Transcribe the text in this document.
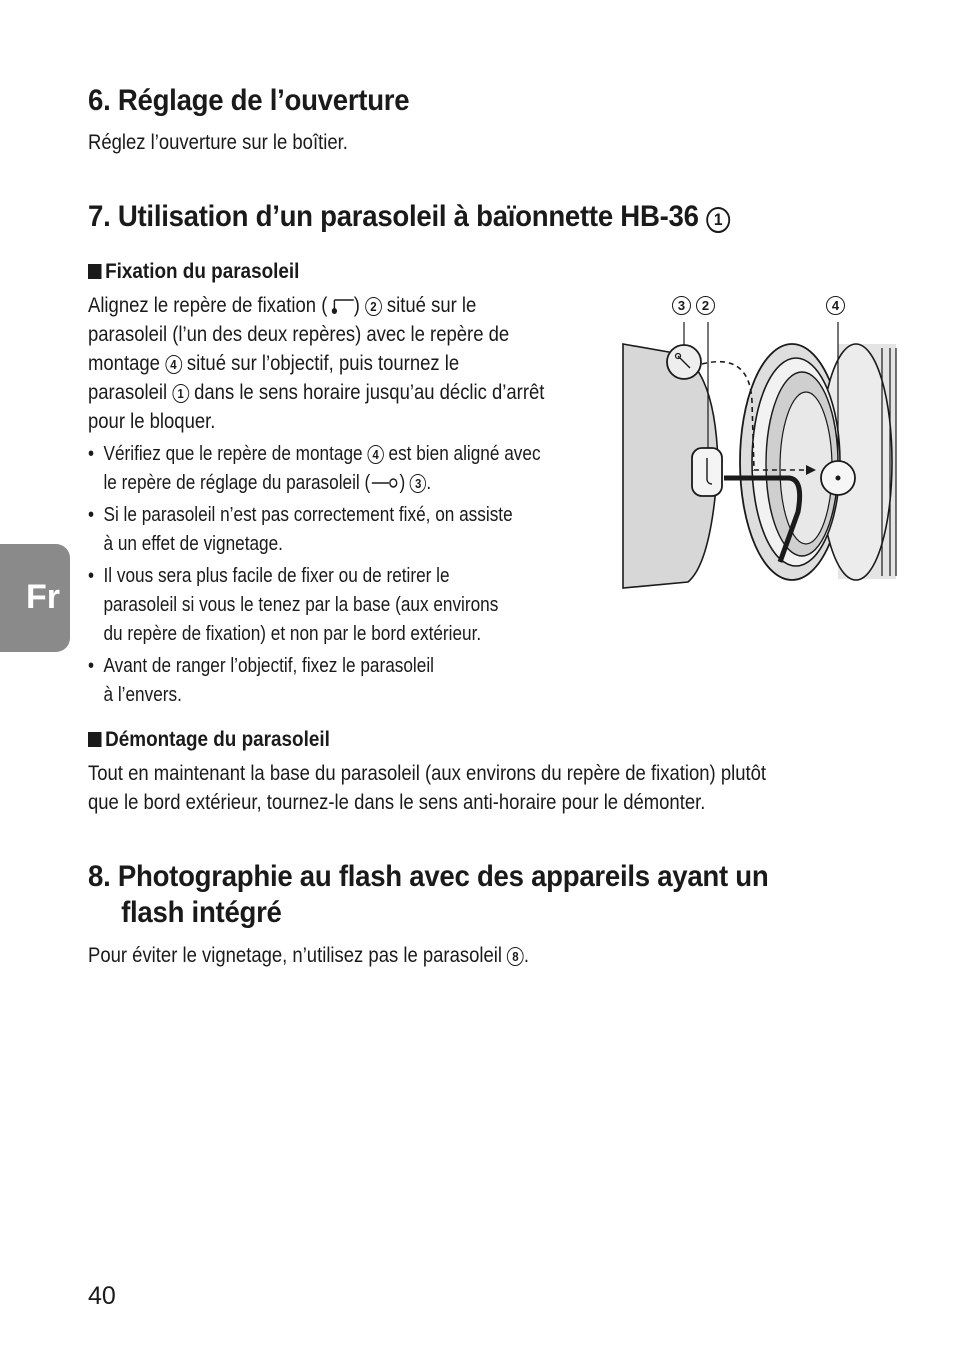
6. Réglage de l’ouverture
Réglez l’ouverture sur le boîtier.
7. Utilisation d’un parasoleil à baïonnette HB-36 1
Fixation du parasoleil
Alignez le repère de fixation ( ) 2 situé sur le
parasoleil (l’un des deux repères) avec le repère de
montage 4 situé sur l’objectif, puis tournez le
parasoleil 1 dans le sens horaire jusqu’au déclic d’arrêt
pour le bloquer.
• Vérifiez que le repère de montage 4 est bien aligné avec
le repère de réglage du parasoleil ( ) 3 .
• Si le parasoleil n’est pas correctement fixé, on assiste
à un effet de vignetage.
• Il vous sera plus facile de fixer ou de retirer le
parasoleil si vous le tenez par la base (aux environs
du repère de fixation) et non par le bord extérieur.
• Avant de ranger l’objectif, fixez le parasoleil
à l’envers.
3	2	4
Démontage du parasoleil
Tout en maintenant la base du parasoleil (aux environs du repère de fixation) plutôt
que le bord extérieur, tournez-le dans le sens anti-horaire pour le démonter.
8. Photographie au flash avec des appareils ayant un
flash intégré
Pour éviter le vignetage, n’utilisez pas le parasoleil 8 .
Fr
40
